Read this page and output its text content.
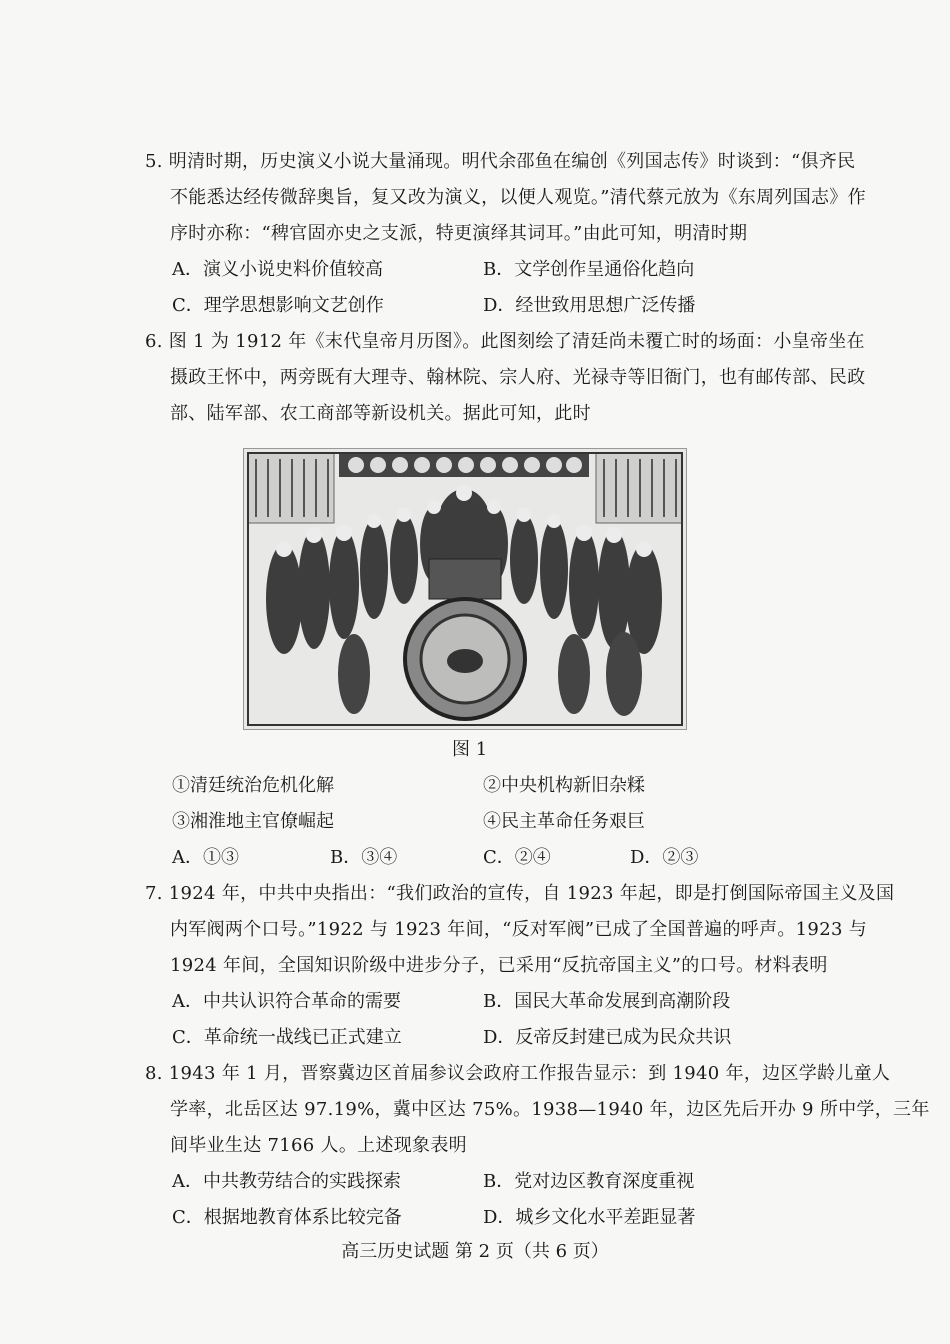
5. 明清时期，历史演义小说大量涌现。明代余邵鱼在编创《列国志传》时谈到：“俱齐民
不能悉达经传微辞奥旨，复又改为演义，以便人观览。”清代蔡元放为《东周列国志》作
序时亦称：“稗官固亦史之支派，特更演绎其词耳。”由此可知，明清时期
A．演义小说史料价值较高	B．文学创作呈通俗化趋向
C．理学思想影响文艺创作	D．经世致用思想广泛传播
6. 图 1 为 1912 年《末代皇帝月历图》。此图刻绘了清廷尚未覆亡时的场面：小皇帝坐在
摄政王怀中，两旁既有大理寺、翰林院、宗人府、光禄寺等旧衙门，也有邮传部、民政
部、陆军部、农工商部等新设机关。据此可知，此时
图 1
①清廷统治危机化解	②中央机构新旧杂糅
③湘淮地主官僚崛起	④民主革命任务艰巨
A．①③	B．③④	C．②④	D．②③
7. 1924 年，中共中央指出：“我们政治的宣传，自 1923 年起，即是打倒国际帝国主义及国
内军阀两个口号。”1922 与 1923 年间，“反对军阀”已成了全国普遍的呼声。1923 与
1924 年间，全国知识阶级中进步分子，已采用“反抗帝国主义”的口号。材料表明
A．中共认识符合革命的需要	B．国民大革命发展到高潮阶段
C．革命统一战线已正式建立	D．反帝反封建已成为民众共识
8. 1943 年 1 月，晋察冀边区首届参议会政府工作报告显示：到 1940 年，边区学龄儿童人
学率，北岳区达 97.19%，冀中区达 75%。1938—1940 年，边区先后开办 9 所中学，三年
间毕业生达 7166 人。上述现象表明
A．中共教劳结合的实践探索	B．党对边区教育深度重视
C．根据地教育体系比较完备	D．城乡文化水平差距显著
高三历史试题 第 2 页（共 6 页）
